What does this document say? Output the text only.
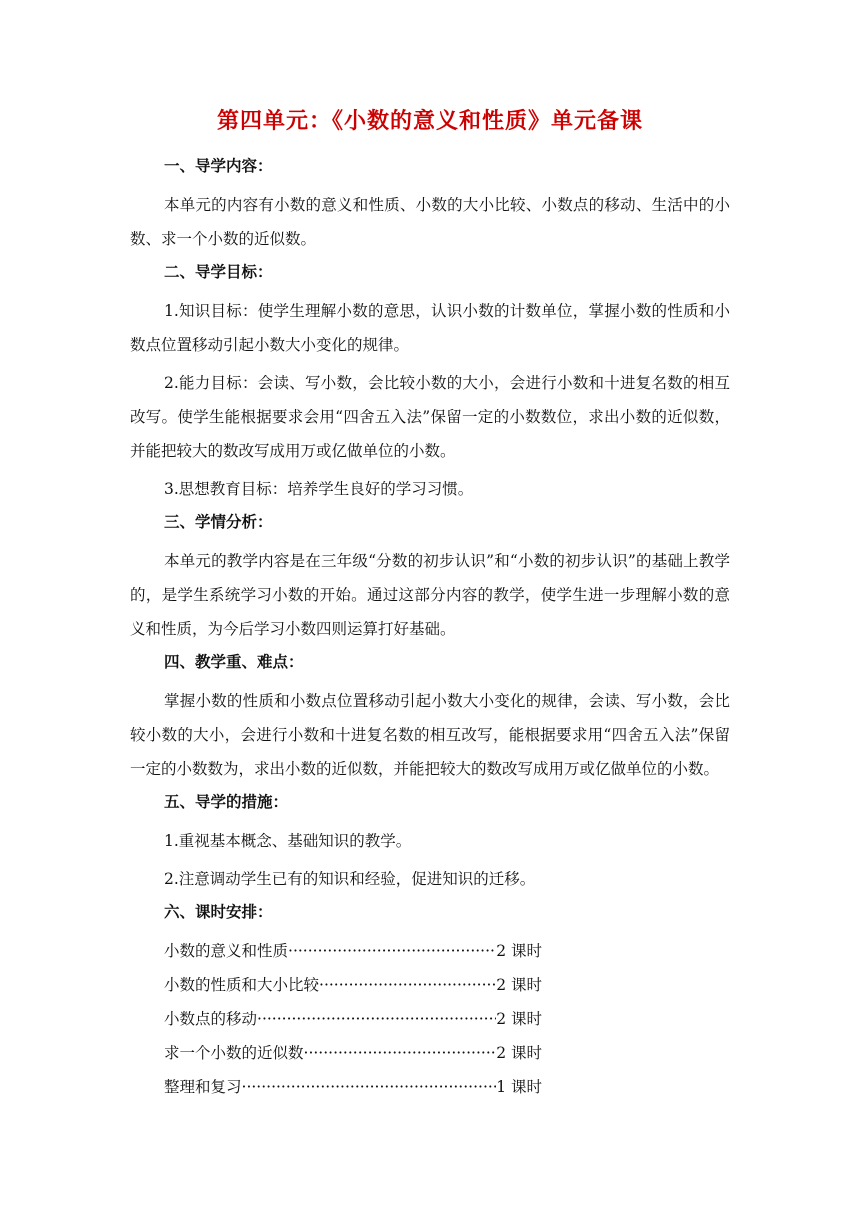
第四单元：《小数的意义和性质》单元备课
一、导学内容：

本单元的内容有小数的意义和性质、小数的大小比较、小数点的移动、生活中的小数、求一个小数的近似数。

二、导学目标：

1.知识目标：使学生理解小数的意思，认识小数的计数单位，掌握小数的性质和小数点位置移动引起小数大小变化的规律。

2.能力目标：会读、写小数，会比较小数的大小，会进行小数和十进复名数的相互改写。使学生能根据要求会用“四舍五入法”保留一定的小数数位，求出小数的近似数，并能把较大的数改写成用万或亿做单位的小数。

3.思想教育目标：培养学生良好的学习习惯。

三、学情分析：

本单元的教学内容是在三年级“分数的初步认识”和“小数的初步认识”的基础上教学的，是学生系统学习小数的开始。通过这部分内容的教学，使学生进一步理解小数的意义和性质，为今后学习小数四则运算打好基础。

四、教学重、难点：

掌握小数的性质和小数点位置移动引起小数大小变化的规律，会读、写小数，会比较小数的大小，会进行小数和十进复名数的相互改写，能根据要求用“四舍五入法”保留一定的小数数为，求出小数的近似数，并能把较大的数改写成用万或亿做单位的小数。

五、导学的措施：

1.重视基本概念、基础知识的教学。

2.注意调动学生已有的知识和经验，促进知识的迁移。

六、课时安排：
小数的意义和性质 ·····	2 课时
小数的性质和大小比较 ·····	2 课时
小数点的移动 ·····	2 课时
求一个小数的近似数 ·····	2 课时
整理和复习 ·····	1 课时
